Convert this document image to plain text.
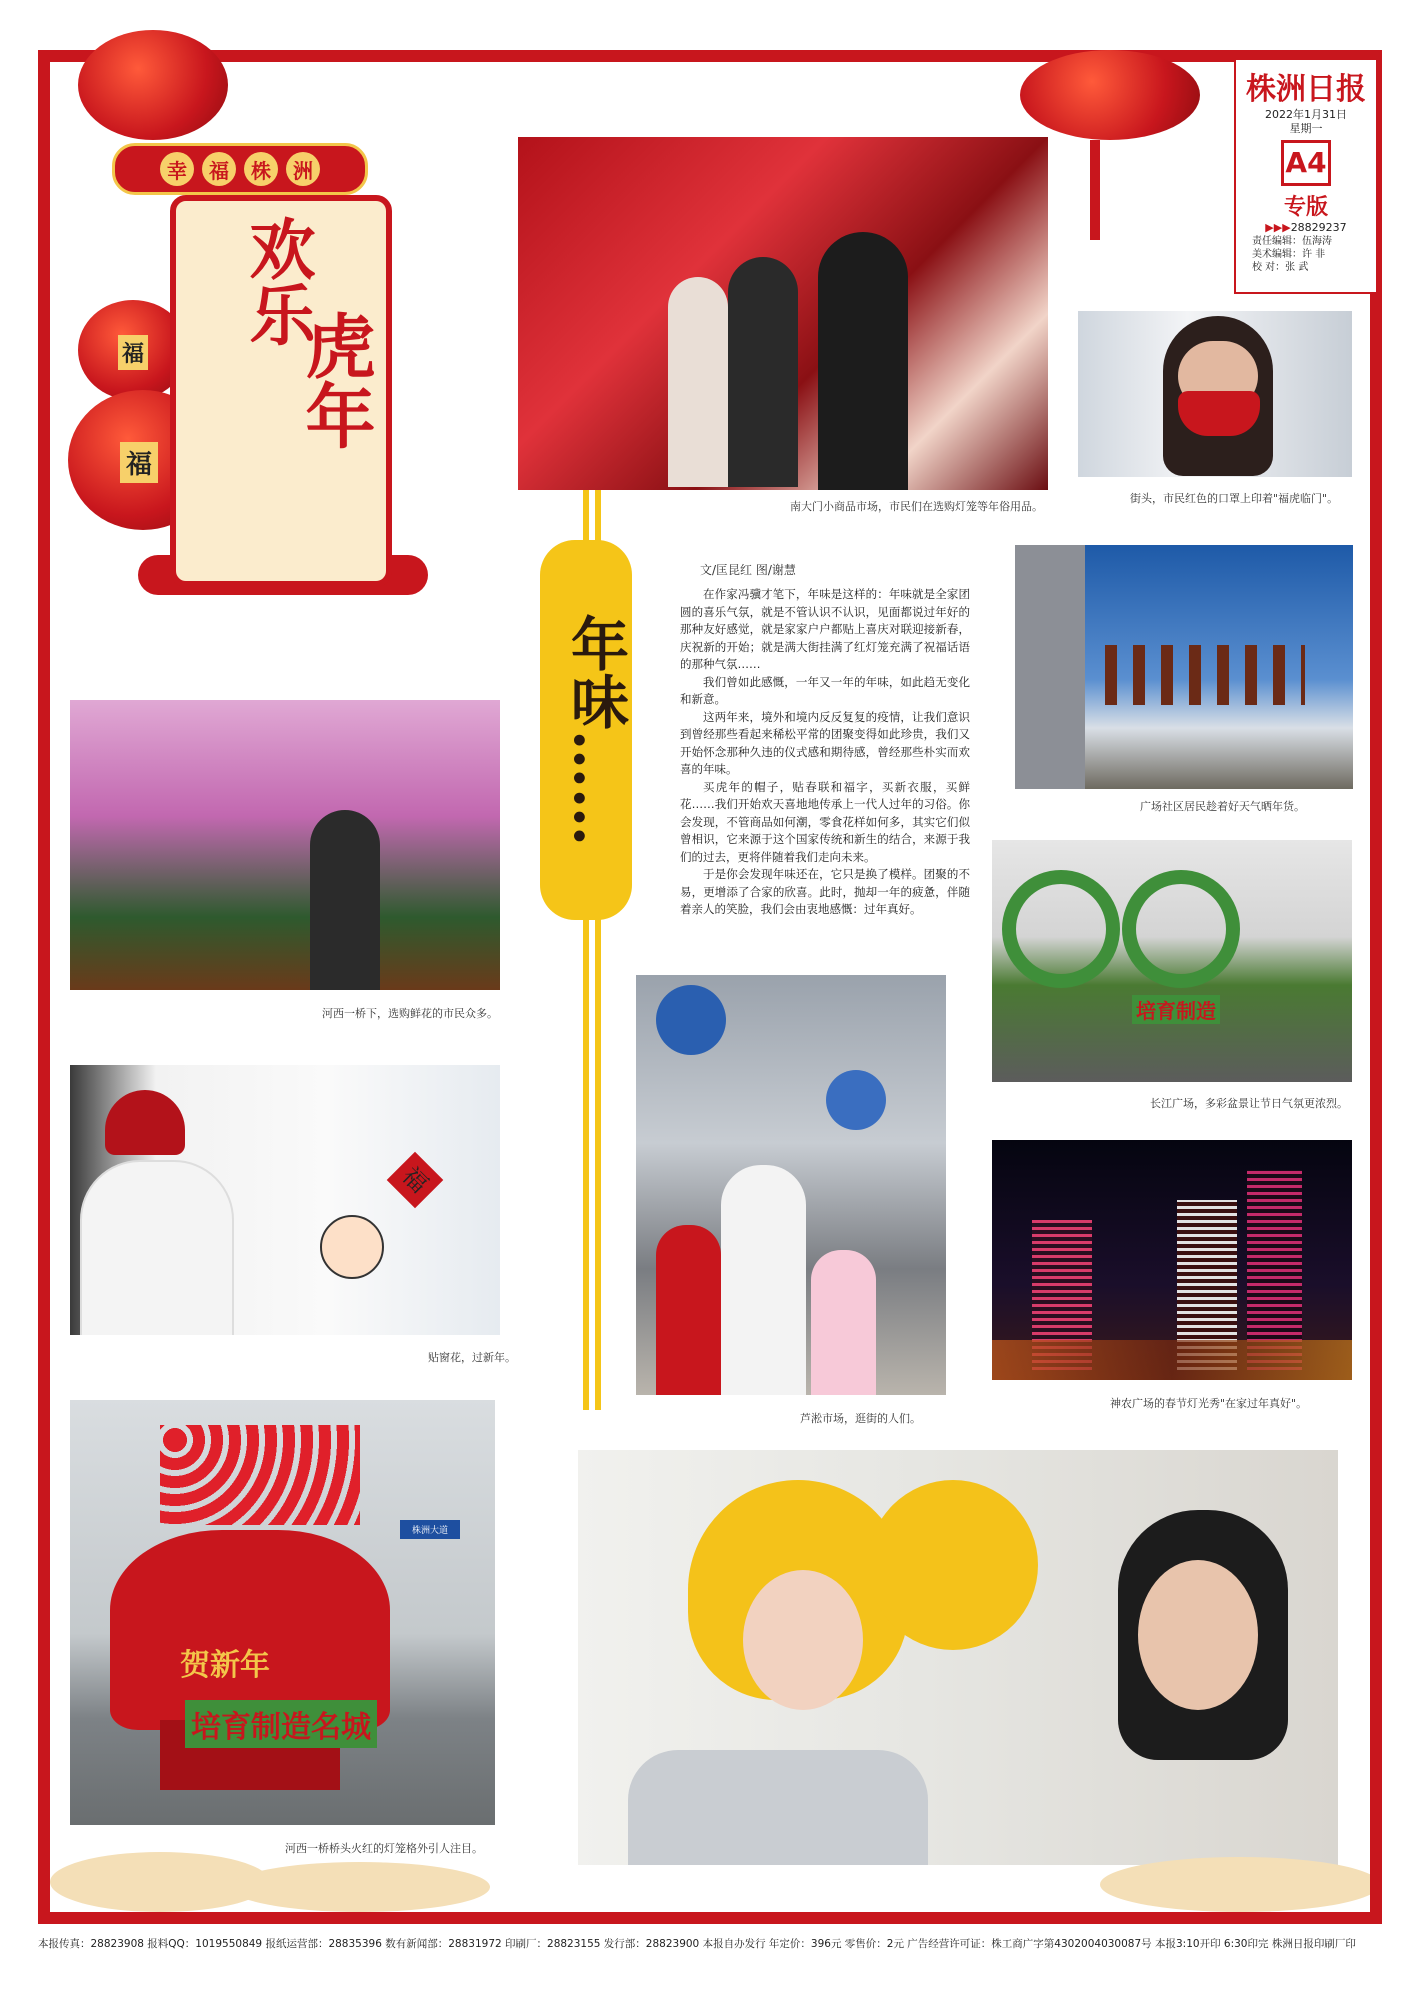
福
福
幸	福	株	洲
欢乐
虎年
株洲日报
2022年1月31日
星期一
A4
专版
▶▶▶28829237
责任编辑：伍海涛
美术编辑：许 非
校 对：张 武
南大门小商品市场，市民们在选购灯笼等年俗用品。
街头，市民红色的口罩上印着"福虎临门"。
年味……
文/匡昆红 图/谢慧

在作家冯骥才笔下，年味是这样的：年味就是全家团圆的喜乐气氛，就是不管认识不认识，见面都说过年好的那种友好感觉，就是家家户户都贴上喜庆对联迎接新春，庆祝新的开始；就是满大街挂满了红灯笼充满了祝福话语的那种气氛……

我们曾如此感慨，一年又一年的年味，如此趋无变化和新意。

这两年来，境外和境内反反复复的疫情，让我们意识到曾经那些看起来稀松平常的团聚变得如此珍贵，我们又开始怀念那种久违的仪式感和期待感，曾经那些朴实而欢喜的年味。

买虎年的帽子，贴春联和福字，买新衣服，买鲜花……我们开始欢天喜地地传承上一代人过年的习俗。你会发现，不管商品如何潮，零食花样如何多，其实它们似曾相识，它来源于这个国家传统和新生的结合，来源于我们的过去，更将伴随着我们走向未来。

于是你会发现年味还在，它只是换了模样。团聚的不易，更增添了合家的欣喜。此时，抛却一年的疲惫，伴随着亲人的笑脸，我们会由衷地感慨：过年真好。

广场社区居民趁着好天气晒年货。
培育制造
长江广场，多彩盆景让节日气氛更浓烈。
河西一桥下，选购鲜花的市民众多。
福
贴窗花，过新年。
芦淞市场，逛街的人们。
神农广场的春节灯光秀"在家过年真好"。
贺新年
培育制造名城
株洲大道
河西一桥桥头火红的灯笼格外引人注目。
本报传真：28823908 报料QQ：1019550849 报纸运营部：28835396 数有新闻部：28831972 印刷厂：28823155 发行部：28823900 本报自办发行 年定价：396元 零售价：2元 广告经营许可证：株工商广字第4302004030087号 本报3:10开印 6:30印完 株洲日报印刷厂印
